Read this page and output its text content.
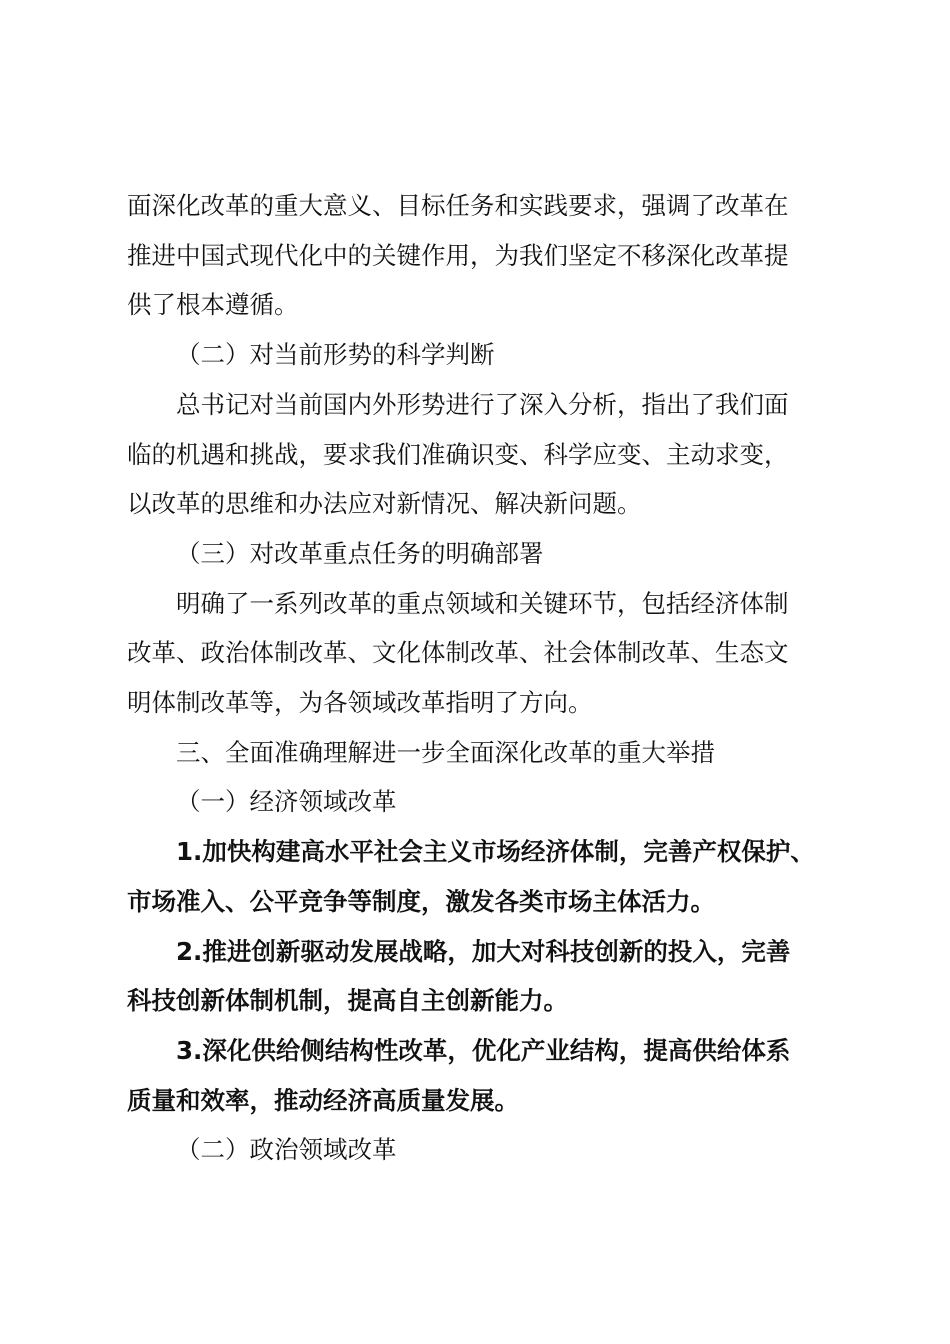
面深化改革的重大意义、目标任务和实践要求，强调了改革在
推进中国式现代化中的关键作用，为我们坚定不移深化改革提
供了根本遵循。
（二）对当前形势的科学判断
总书记对当前国内外形势进行了深入分析，指出了我们面
临的机遇和挑战，要求我们准确识变、科学应变、主动求变，
以改革的思维和办法应对新情况、解决新问题。
（三）对改革重点任务的明确部署
明确了一系列改革的重点领域和关键环节，包括经济体制
改革、政治体制改革、文化体制改革、社会体制改革、生态文
明体制改革等，为各领域改革指明了方向。
三、全面准确理解进一步全面深化改革的重大举措
（一）经济领域改革
1.加快构建高水平社会主义市场经济体制，完善产权保护、
市场准入、公平竞争等制度，激发各类市场主体活力。
2.推进创新驱动发展战略，加大对科技创新的投入，完善
科技创新体制机制，提高自主创新能力。
3.深化供给侧结构性改革，优化产业结构，提高供给体系
质量和效率，推动经济高质量发展。
（二）政治领域改革
